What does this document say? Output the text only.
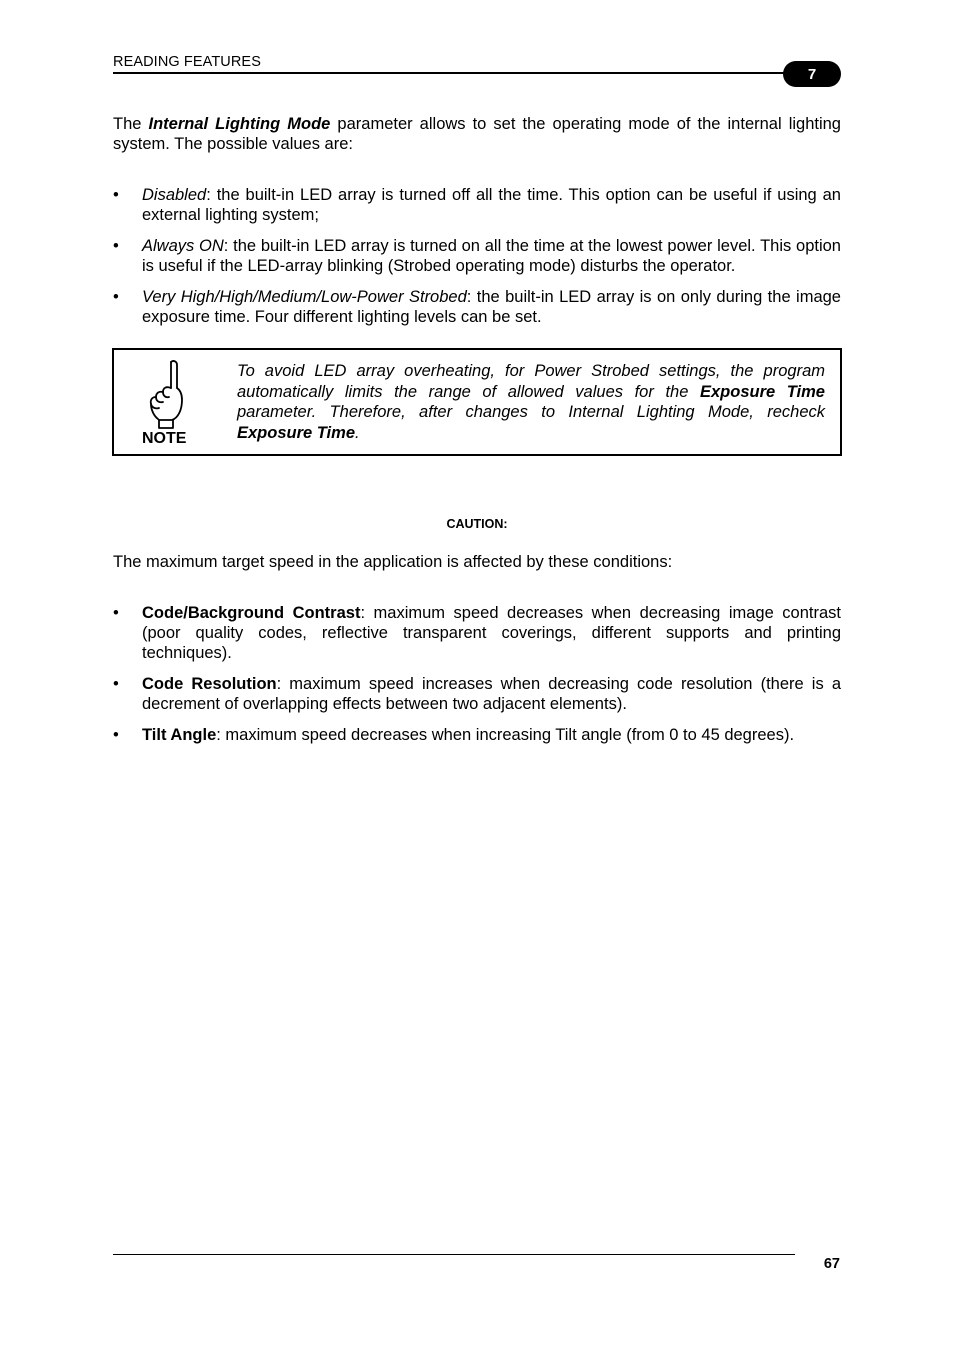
READING FEATURES
7
The Internal Lighting Mode parameter allows to set the operating mode of the internal lighting system. The possible values are:
• Disabled: the built-in LED array is turned off all the time. This option can be useful if using an external lighting system;
• Always ON: the built-in LED array is turned on all the time at the lowest power level. This option is useful if the LED-array blinking (Strobed operating mode) disturbs the operator.
• Very High/High/Medium/Low-Power Strobed: the built-in LED array is on only during the image exposure time. Four different lighting levels can be set.
NOTE
To avoid LED array overheating, for Power Strobed settings, the program automatically limits the range of allowed values for the Exposure Time parameter. Therefore, after changes to Internal Lighting Mode, recheck Exposure Time.
CAUTION:
The maximum target speed in the application is affected by these conditions:
• Code/Background Contrast: maximum speed decreases when decreasing image contrast (poor quality codes, reflective transparent coverings, different supports and printing techniques).
• Code Resolution: maximum speed increases when decreasing code resolution (there is a decrement of overlapping effects between two adjacent elements).
• Tilt Angle: maximum speed decreases when increasing Tilt angle (from 0 to 45 degrees).
67
